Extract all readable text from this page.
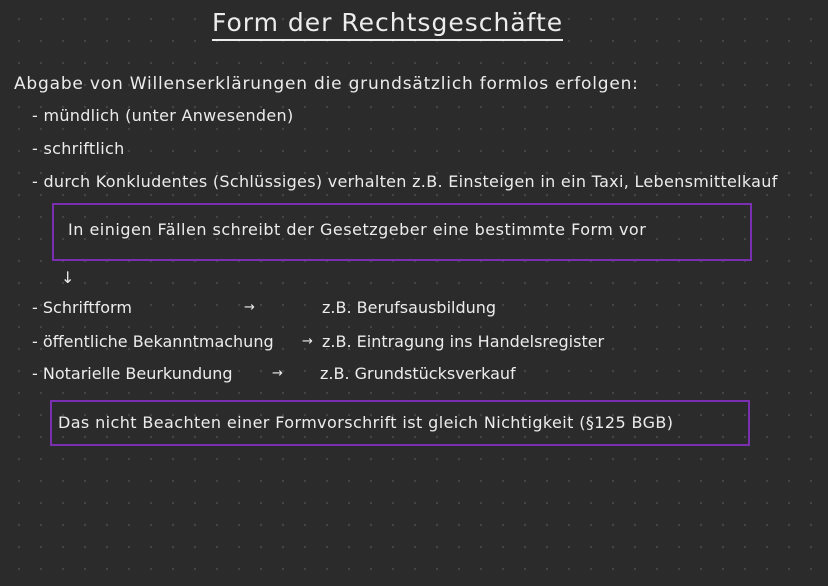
Form der Rechtsgeschäfte
Abgabe von Willenserklärungen die grundsätzlich formlos erfolgen:
- mündlich (unter Anwesenden)
- schriftlich
- durch Konkludentes (Schlüssiges) verhalten z.B. Einsteigen in ein Taxi, Lebensmittelkauf
In einigen Fällen schreibt der Gesetzgeber eine bestimmte Form vor
↓
- Schriftform	→	z.B. Berufsausbildung
- öffentliche Bekanntmachung → z.B. Eintragung ins Handelsregister
- Notarielle Beurkundung	→ z.B. Grundstücksverkauf
Das nicht Beachten einer Formvorschrift ist gleich Nichtigkeit (§125 BGB)
